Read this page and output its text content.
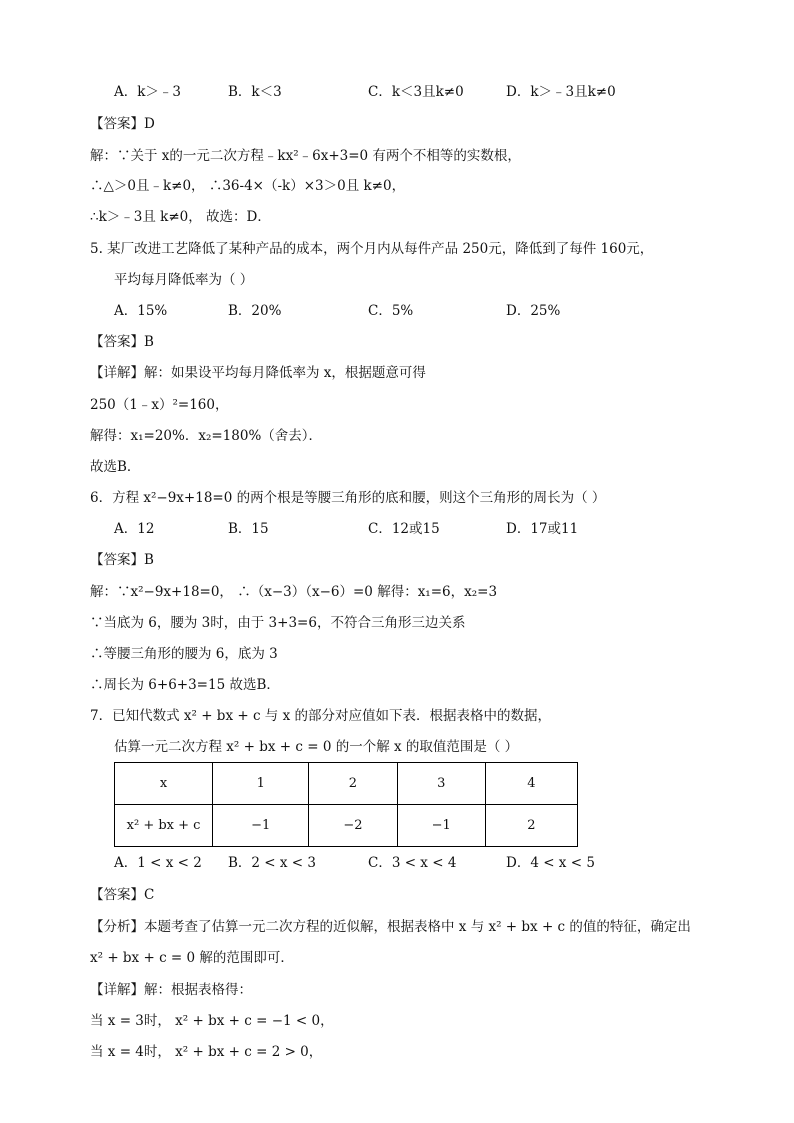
A．k＞﹣3	B．k＜3	C．k＜3且k≠0	D．k＞﹣3且k≠0
【答案】D
解：∵关于 x的一元二次方程﹣kx²﹣6x+3=0 有两个不相等的实数根，
∴△＞0且﹣k≠0， ∴36-4×（-k）×3＞0且 k≠0，
∴k＞﹣3且 k≠0， 故选：D．
5. 某厂改进工艺降低了某种产品的成本，两个月内从每件产品 250元，降低到了每件 160元，
平均每月降低率为（ ）
A．15%	B．20%	C．5%	D．25%
【答案】B
【详解】解：如果设平均每月降低率为 x，根据题意可得
250（1﹣x）²=160，
解得：x₁=20%．x₂=180%（舍去）．
故选B．
6．方程 x²−9x+18=0 的两个根是等腰三角形的底和腰，则这个三角形的周长为（ ）
A．12	B．15	C．12或15	D．17或11
【答案】B
解：∵x²−9x+18=0， ∴（x−3）（x−6）=0 解得：x₁=6，x₂=3
∵当底为 6，腰为 3时，由于 3+3=6，不符合三角形三边关系
∴等腰三角形的腰为 6，底为 3
∴周长为 6+6+3=15 故选B．
7．已知代数式 x² + bx + c 与 x 的部分对应值如下表．根据表格中的数据，
估算一元二次方程 x² + bx + c = 0 的一个解 x 的取值范围是（ ）
x	1	2	3	4
x² + bx + c	−1	−2	−1	2
A．1 < x < 2 B．2 < x < 3	C．3 < x < 4	D．4 < x < 5
【答案】C
【分析】本题考查了估算一元二次方程的近似解，根据表格中 x 与 x² + bx + c 的值的特征，确定出
x² + bx + c = 0 解的范围即可．
【详解】解：根据表格得：
当 x = 3时， x² + bx + c = −1 < 0，
当 x = 4时， x² + bx + c = 2 > 0，
